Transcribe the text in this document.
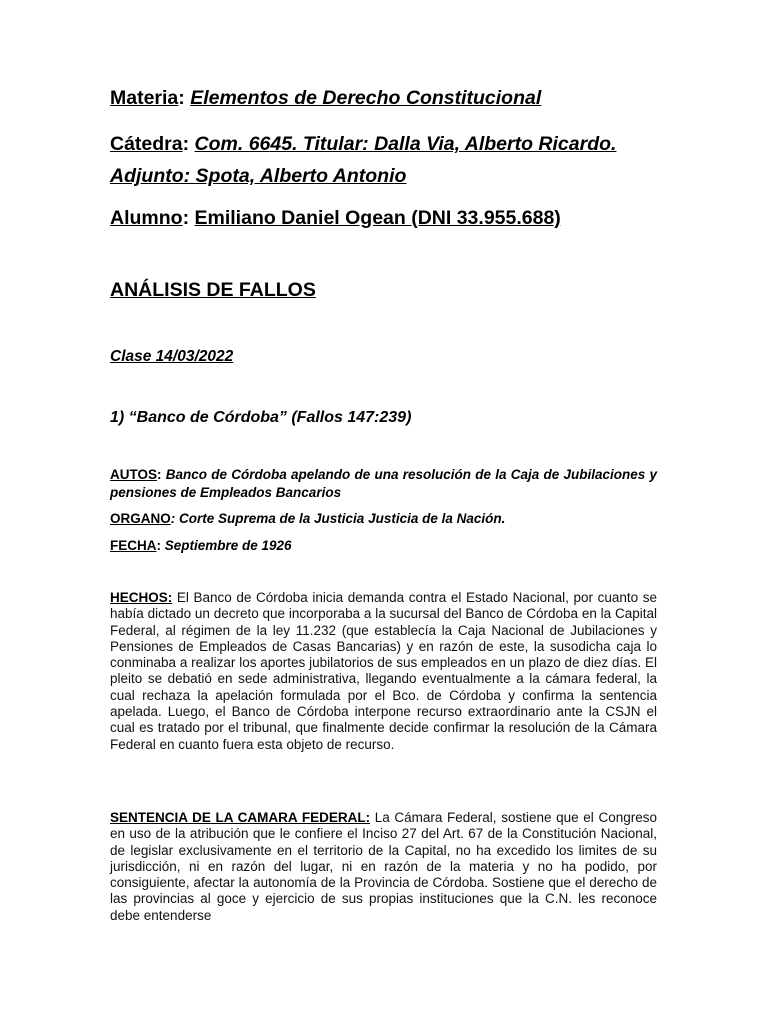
Materia: Elementos de Derecho Constitucional

Cátedra: Com. 6645. Titular: Dalla Via, Alberto Ricardo. Adjunto: Spota, Alberto Antonio

Alumno: Emiliano Daniel Ogean (DNI 33.955.688)

ANÁLISIS DE FALLOS

Clase 14/03/2022

1) “Banco de Córdoba” (Fallos 147:239)

AUTOS: Banco de Córdoba apelando de una resolución de la Caja de Jubilaciones y pensiones de Empleados Bancarios

ORGANO: Corte Suprema de la Justicia Justicia de la Nación.

FECHA: Septiembre de 1926

HECHOS: El Banco de Córdoba inicia demanda contra el Estado Nacional, por cuanto se había dictado un decreto que incorporaba a la sucursal del Banco de Córdoba en la Capital Federal, al régimen de la ley 11.232 (que establecía la Caja Nacional de Jubilaciones y Pensiones de Empleados de Casas Bancarias) y en razón de este, la susodicha caja lo conminaba a realizar los aportes jubilatorios de sus empleados en un plazo de diez días. El pleito se debatió en sede administrativa, llegando eventualmente a la cámara federal, la cual rechaza la apelación formulada por el Bco. de Córdoba y confirma la sentencia apelada. Luego, el Banco de Córdoba interpone recurso extraordinario ante la CSJN el cual es tratado por el tribunal, que finalmente decide confirmar la resolución de la Cámara Federal en cuanto fuera esta objeto de recurso.

SENTENCIA DE LA CAMARA FEDERAL: La Cámara Federal, sostiene que el Congreso en uso de la atribución que le confiere el Inciso 27 del Art. 67 de la Constitución Nacional, de legislar exclusivamente en el territorio de la Capital, no ha excedido los limites de su jurisdicción, ni en razón del lugar, ni en razón de la materia y no ha podido, por consiguiente, afectar la autonomía de la Provincia de Córdoba. Sostiene que el derecho de las provincias al goce y ejercicio de sus propias instituciones que la C.N. les reconoce debe entenderse
